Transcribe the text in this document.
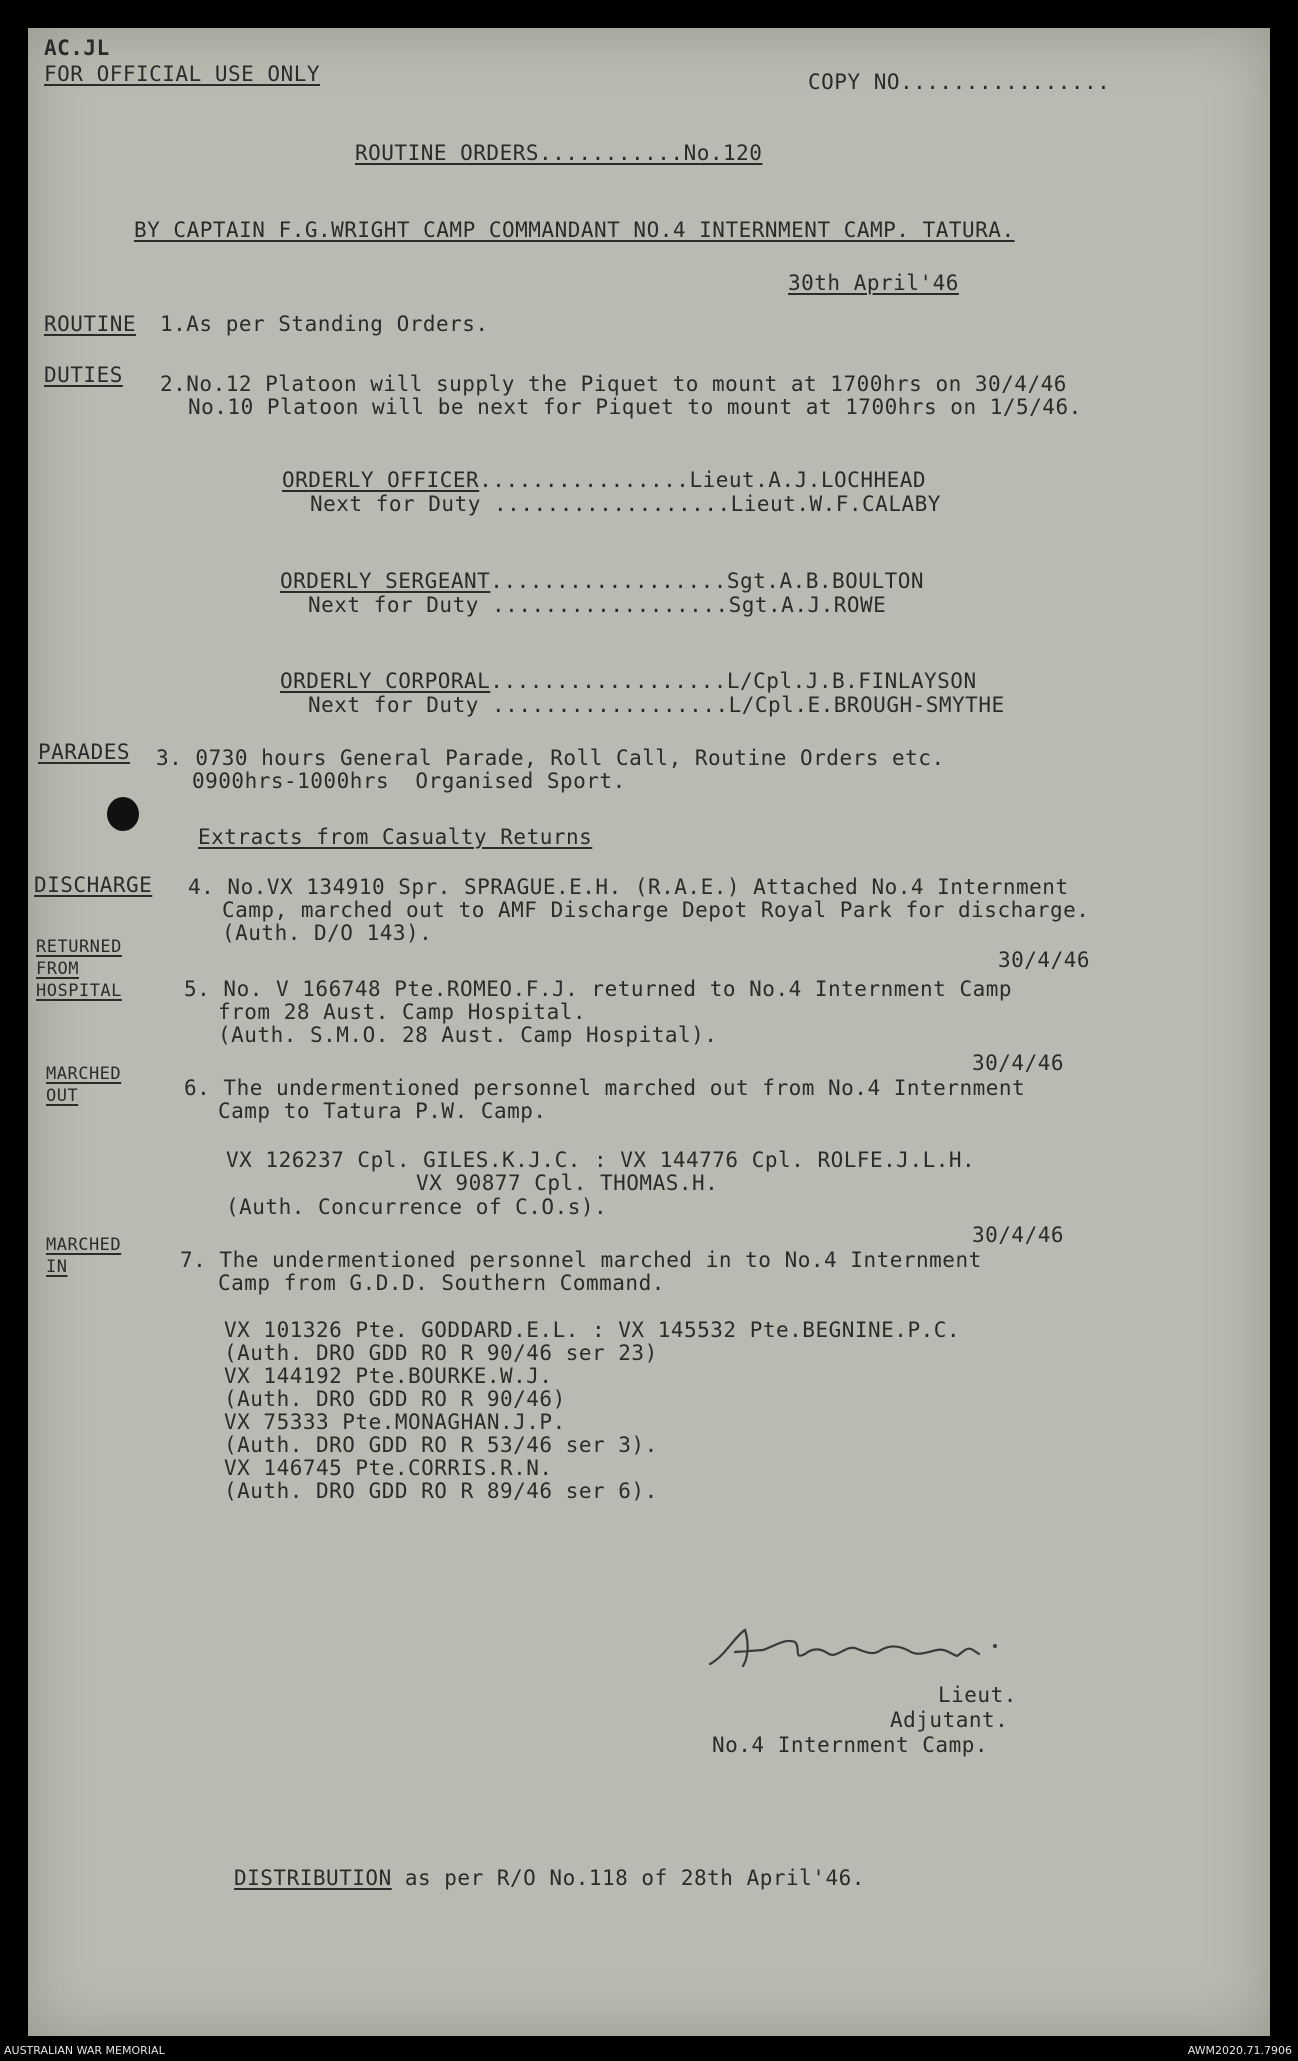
AC.JL
FOR OFFICIAL USE ONLY	COPY NO................
ROUTINE ORDERS...........No.120
BY CAPTAIN F.G.WRIGHT CAMP COMMANDANT NO.4 INTERNMENT CAMP. TATURA.
30th April'46
ROUTINE 1.As per Standing Orders.
DUTIES 2.No.12 Platoon will supply the Piquet to mount at 1700hrs on 30/4/46
No.10 Platoon will be next for Piquet to mount at 1700hrs on 1/5/46.
ORDERLY OFFICER................Lieut.A.J.LOCHHEAD
Next for Duty ..................Lieut.W.F.CALABY
ORDERLY SERGEANT..................Sgt.A.B.BOULTON
Next for Duty ..................Sgt.A.J.ROWE
ORDERLY CORPORAL..................L/Cpl.J.B.FINLAYSON
Next for Duty ..................L/Cpl.E.BROUGH-SMYTHE
PARADES 3. 0730 hours General Parade, Roll Call, Routine Orders etc.
0900hrs-1000hrs  Organised Sport.
Extracts from Casualty Returns
DISCHARGE 4. No.VX 134910 Spr. SPRAGUE.E.H. (R.A.E.) Attached No.4 Internment
Camp, marched out to AMF Discharge Depot Royal Park for discharge.
(Auth. D/O 143).
RETURNED
FROM
HOSPITAL
30/4/46
5. No. V 166748 Pte.ROMEO.F.J. returned to No.4 Internment Camp
from 28 Aust. Camp Hospital.
(Auth. S.M.O. 28 Aust. Camp Hospital).
MARCHED
OUT
30/4/46
6. The undermentioned personnel marched out from No.4 Internment
Camp to Tatura P.W. Camp.
VX 126237 Cpl. GILES.K.J.C. : VX 144776 Cpl. ROLFE.J.L.H.
VX 90877 Cpl. THOMAS.H.
(Auth. Concurrence of C.O.s).
MARCHED
IN
30/4/46
7. The undermentioned personnel marched in to No.4 Internment
Camp from G.D.D. Southern Command.
VX 101326 Pte. GODDARD.E.L. : VX 145532 Pte.BEGNINE.P.C.
(Auth. DRO GDD RO R 90/46 ser 23)
VX 144192 Pte.BOURKE.W.J.
(Auth. DRO GDD RO R 90/46)
VX 75333 Pte.MONAGHAN.J.P.
(Auth. DRO GDD RO R 53/46 ser 3).
VX 146745 Pte.CORRIS.R.N.
(Auth. DRO GDD RO R 89/46 ser 6).
Lieut.
Adjutant.
No.4 Internment Camp.
DISTRIBUTION as per R/O No.118 of 28th April'46.
AUSTRALIAN WAR MEMORIAL	AWM2020.71.7906
